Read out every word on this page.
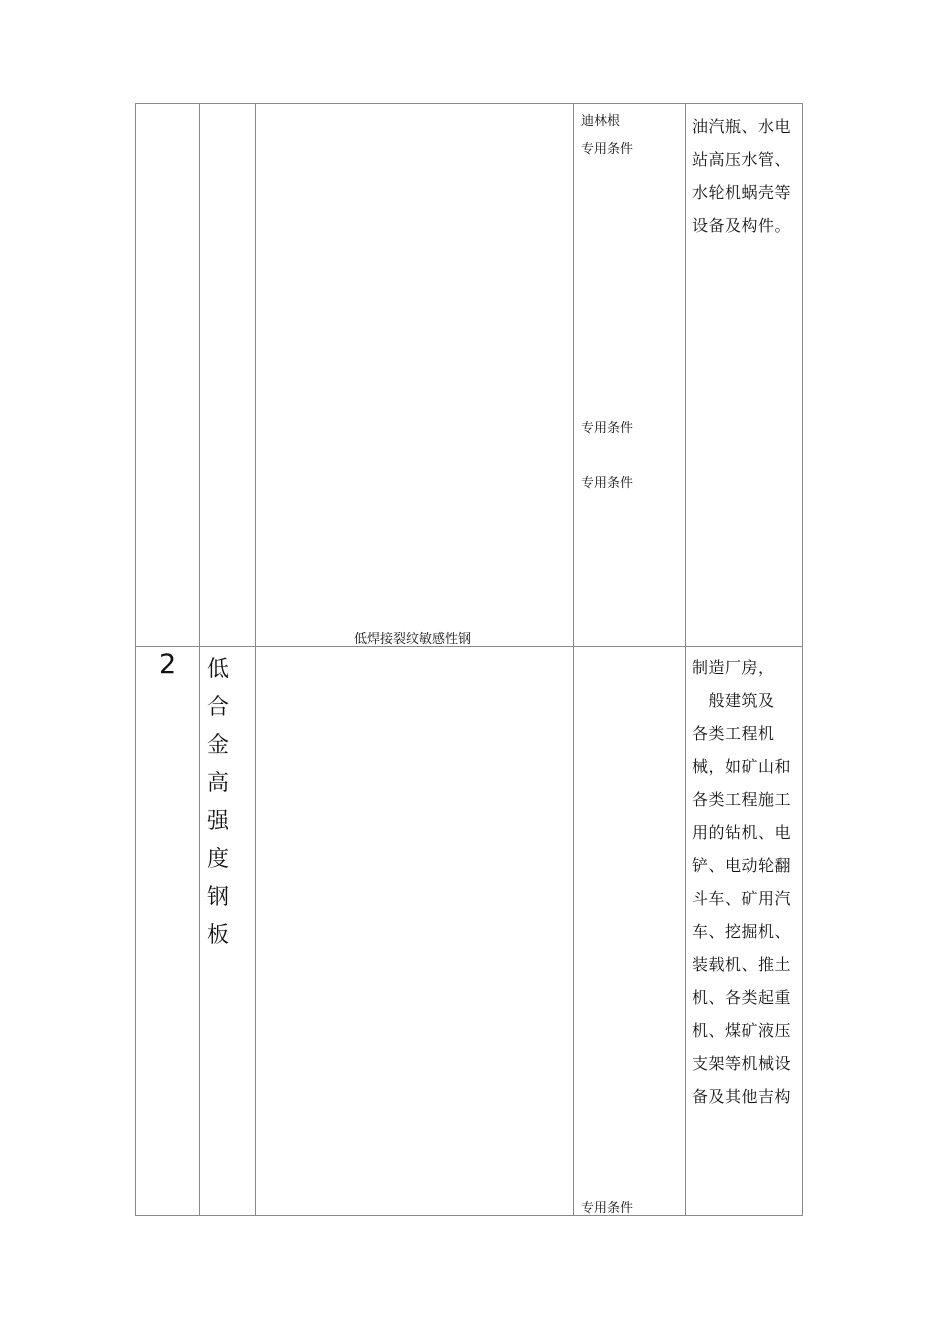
迪林根
专用条件
专用条件
专用条件
低焊接裂纹敏感性钢
油汽瓶、水电
站高压水管、
水轮机蜗壳等
设备及构件。
2 低
合
金
高
强
度
钢
板
制造厂房，
　般建筑及
各类工程机
械，如矿山和
各类工程施工
用的钻机、电
铲、电动轮翻
斗车、矿用汽
车、挖掘机、
装载机、推土
机、各类起重
机、煤矿液压
支架等机械设
备及其他吉构
专用条件
